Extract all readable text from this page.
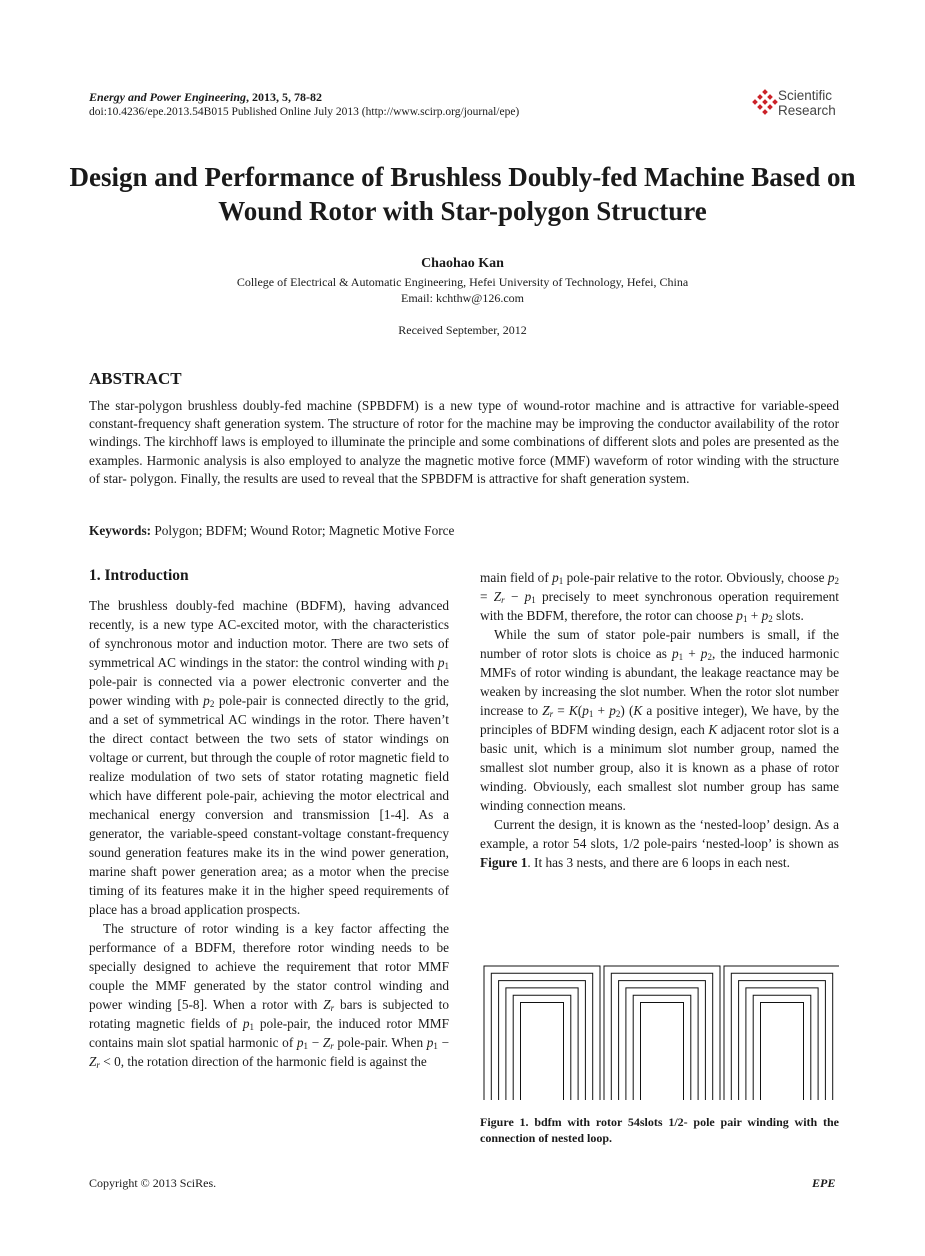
Energy and Power Engineering, 2013, 5, 78-82
doi:10.4236/epe.2013.54B015 Published Online July 2013 (http://www.scirp.org/journal/epe)
Scientific
Research
Design and Performance of Brushless Doubly-fed Machine Based on Wound Rotor with Star-polygon Structure
Chaohao Kan
College of Electrical & Automatic Engineering, Hefei University of Technology, Hefei, China
Email: kchthw@126.com
Received September, 2012
ABSTRACT
The star-polygon brushless doubly-fed machine (SPBDFM) is a new type of wound-rotor machine and is attractive for variable-speed constant-frequency shaft generation system. The structure of rotor for the machine may be improving the conductor availability of the rotor windings. The kirchhoff laws is employed to illuminate the principle and some combinations of different slots and poles are presented as the examples. Harmonic analysis is also employed to analyze the magnetic motive force (MMF) waveform of rotor winding with the structure of star- polygon. Finally, the results are used to reveal that the SPBDFM is attractive for shaft generation system.
Keywords: Polygon; BDFM; Wound Rotor; Magnetic Motive Force
1. Introduction

The brushless doubly-fed machine (BDFM), having advanced recently, is a new type AC-excited motor, with the characteristics of synchronous motor and induction motor. There are two sets of symmetrical AC windings in the stator: the control winding with $p_1$ pole-pair is connected via a power electronic converter and the power winding with $p_2$ pole-pair is connected directly to the grid, and a set of symmetrical AC windings in the rotor. There haven’t the direct contact between the two sets of stator windings on voltage or current, but through the couple of rotor magnetic field to realize modulation of two sets of stator rotating magnetic field which have different pole-pair, achieving the motor electrical and mechanical energy conversion and transmission [1-4]. As a generator, the variable-speed constant-voltage constant-frequency sound generation features make its in the wind power generation, marine shaft power generation area; as a motor when the precise timing of its features make it in the higher speed requirements of place has a broad application prospects.

The structure of rotor winding is a key factor affecting the performance of a BDFM, therefore rotor winding needs to be specially designed to achieve the requirement that rotor MMF couple the MMF generated by the stator control winding and power winding [5-8]. When a rotor with $Z_r$ bars is subjected to rotating magnetic fields of $p_1$ pole-pair, the induced rotor MMF contains main slot spatial harmonic of $p_1 - Z_r$ pole-pair. When $p_1 - Z_r < 0$, the rotation direction of the harmonic field is against the

main field of $p_1$ pole-pair relative to the rotor. Obviously, choose $p_2 = Z_r - p_1$ precisely to meet synchronous operation requirement with the BDFM, therefore, the rotor can choose $p_1 + p_2$ slots.

While the sum of stator pole-pair numbers is small, if the number of rotor slots is choice as $p_1 + p_2$, the induced harmonic MMFs of rotor winding is abundant, the leakage reactance may be weaken by increasing the slot number. When the rotor slot number increase to $Z_r = K(p_1 + p_2)$ (K a positive integer), We have, by the principles of BDFM winding design, each K adjacent rotor slot is a basic unit, which is a minimum slot number group, named the smallest slot number group, also it is known as a phase of rotor winding. Obviously, each smallest slot number group has same winding connection means.

Current the design, it is known as the ‘nested-loop’ design. As a example, a rotor 54 slots, 1/2 pole-pairs ‘nested-loop’ is shown as Figure 1. It has 3 nests, and there are 6 loops in each nest.

Figure 1. bdfm with rotor 54slots 1/2- pole pair winding with the connection of nested loop.
Copyright © 2013 SciRes.	EPE
